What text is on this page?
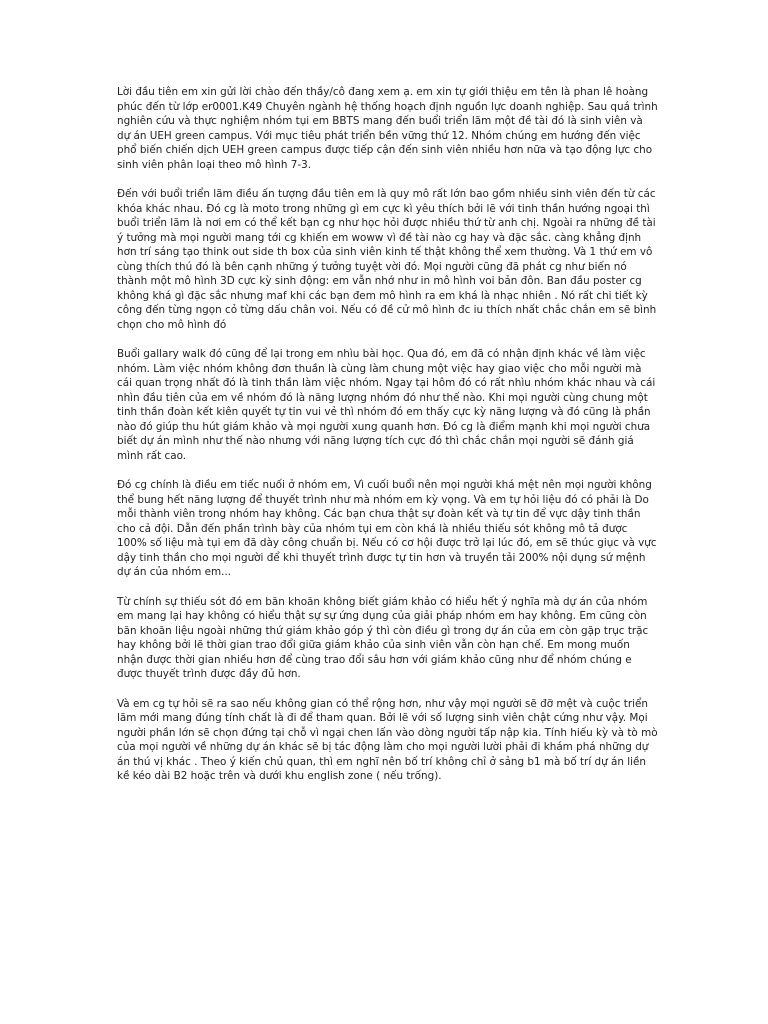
Lời đầu tiên em xin gửi lời chào đến thầy/cô đang xem ạ. em xin tự giới thiệu em tên là phan lê hoàng phúc đến từ lớp er0001.K49 Chuyên ngành hệ thống hoạch định nguồn lực doanh nghiệp. Sau quá trình nghiên cứu và thực nghiệm nhóm tụi em BBTS mang đến buổi triển lãm một đề tài đó là sinh viên và dự án UEH green campus. Với mục tiêu phát triển bền vững thứ 12. Nhóm chúng em hướng đến việc phổ biến chiến dịch UEH green campus được tiếp cận đến sinh viên nhiều hơn nữa và tạo động lực cho sinh viên phân loại theo mô hình 7-3.

Đến với buổi triển lãm điều ấn tượng đầu tiên em là quy mô rất lớn bao gồm nhiều sinh viên đến từ các khóa khác nhau. Đó cg là moto trong những gì em cực kì yêu thích bởi lẽ với tinh thần hướng ngoại thì buổi triển lãm là nơi em có thể kết bạn cg như học hỏi được nhiều thứ từ anh chị. Ngoài ra những đề tài ý tưởng mà mọi người mang tới cg khiến em woww vì đề tài nào cg hay và đặc sắc. càng khẳng định hơn trí sáng tạo think out side th box của sinh viên kinh tế thật không thể xem thường. Và 1 thứ em vô cùng thích thú đó là bên cạnh những ý tưởng tuyệt vời đó. Mọi người cũng đã phát cg như biến nó thành một mô hình 3D cực kỳ sinh động: em vẫn nhớ như in mô hình voi bản đôn. Ban đầu poster cg không khá gì đặc sắc nhưng maf khi các bạn đem mô hình ra em khá là nhạc nhiên . Nó rất chi tiết kỳ công đến từng ngọn cỏ từng dấu chân voi. Nếu có đề cử mô hình đc iu thích nhất chắc chắn em sẽ bình chọn cho mô hình đó

Buổi gallary walk đó cũng để lại trong em nhìu bài học. Qua đó, em đã có nhận định khác về làm việc nhóm. Làm việc nhóm không đơn thuần là cùng làm chung một việc hay giao việc cho mỗi người mà cái quan trọng nhất đó là tinh thần làm việc nhóm. Ngay tại hôm đó có rất nhìu nhóm khác nhau và cái nhìn đầu tiên của em về nhóm đó là năng lượng nhóm đó như thế nào. Khi mọi người cùng chung một tinh thần đoàn kết kiên quyết tự tin vui vẻ thì nhóm đó em thấy cực kỳ năng lượng và đó cũng là phần nào đó giúp thu hút giám khảo và mọi người xung quanh hơn. Đó cg là điểm mạnh khi mọi người chưa biết dự án mình như thế nào nhưng với năng lượng tích cực đó thì chắc chắn mọi người sẽ đánh giá mình rất cao.

Đó cg chính là điều em tiếc nuối ở nhóm em, Vì cuối buổi nên mọi người khá mệt nên mọi người không thể bung hết năng lượng để thuyết trình như mà nhóm em kỳ vọng. Và em tự hỏi liệu đó có phải là Do mỗi thành viên trong nhóm hay không. Các bạn chưa thật sự đoàn kết và tự tin để vực dậy tinh thần cho cả đội. Dẫn đến phần trình bày của nhóm tụi em còn khá là nhiều thiếu sót không mô tả được 100% số liệu mà tụi em đã dày công chuẩn bị. Nếu có cơ hội được trở lại lúc đó, em sẽ thúc giục và vực dậy tinh thần cho mọi người để khi thuyết trình được tự tin hơn và truyền tải 200% nội dụng sứ mệnh dự án của nhóm em...

Từ chính sự thiếu sót đó em băn khoăn không biết giám khảo có hiểu hết ý nghĩa mà dự án của nhóm em mang lại hay không có hiểu thật sự sự ứng dụng của giải pháp nhóm em hay không. Em cũng còn băn khoăn liệu ngoài những thứ giám khảo góp ý thì còn điều gì trong dự án của em còn gặp trục trặc hay không bởi lẽ thời gian trao đổi giữa giám khảo của sinh viên vẫn còn hạn chế. Em mong muốn nhận được thời gian nhiều hơn để cùng trao đổi sâu hơn với giám khảo cũng như để nhóm chúng e được thuyết trình được đầy đủ hơn.

Và em cg tự hỏi sẽ ra sao nếu không gian có thể rộng hơn, như vậy mọi người sẽ đỡ mệt và cuộc triển lãm mới mang đúng tính chất là đi để tham quan. Bởi lẽ với số lượng sinh viên chật cứng như vậy. Mọi người phần lớn sẽ chọn đứng tại chỗ vì ngại chen lấn vào dòng người tấp nập kia. Tính hiếu kỳ và tò mò của mọi người về những dự án khác sẽ bị tác động làm cho mọi người lười phải đi khám phá những dự án thú vị khác . Theo ý kiến chủ quan, thì em nghĩ nên bố trí không chỉ ở sảng b1 mà bố trí dự án liền kề kéo dài B2 hoặc trên và dưới khu english zone ( nếu trống).
